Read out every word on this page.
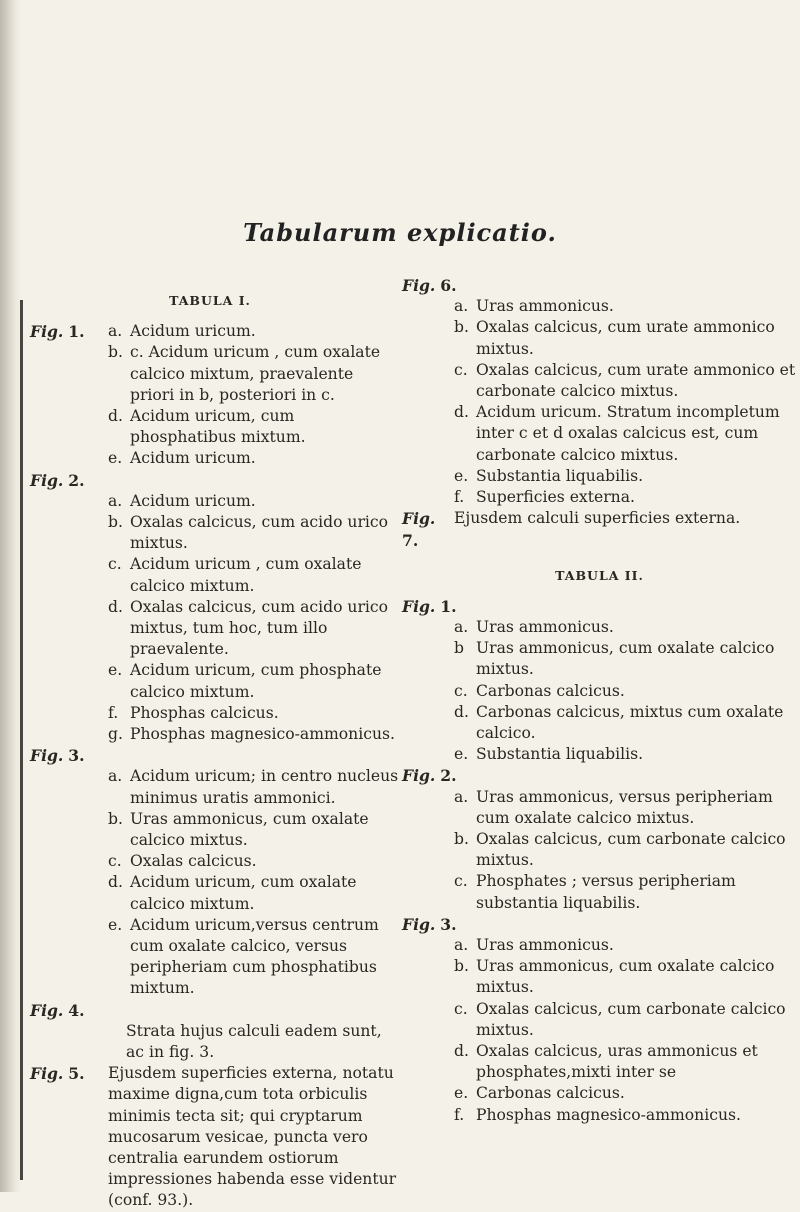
Tabularum explicatio.
TABULA I.
Fig. 1.	a. Acidum uricum.
b. c. Acidum uricum , cum oxalate calcico mixtum, praevalente priori in b, posteriori in c.
d. Acidum uricum, cum phosphatibus mixtum.
e. Acidum uricum.
Fig. 2.
a. Acidum uricum.
b. Oxalas calcicus, cum acido urico mixtus.
c. Acidum uricum , cum oxalate calcico mixtum.
d. Oxalas calcicus, cum acido urico mixtus, tum hoc, tum illo praevalente.
e. Acidum uricum, cum phosphate calcico mixtum.
f. Phosphas calcicus.
g. Phosphas magnesico-ammonicus.
Fig. 3.
a. Acidum uricum; in centro nucleus minimus uratis ammonici.
b. Uras ammonicus, cum oxalate calcico mixtus.
c. Oxalas calcicus.
d. Acidum uricum, cum oxalate calcico mixtum.
e. Acidum uricum,versus centrum cum oxalate calcico, versus peripheriam cum phosphatibus mixtum.
Fig. 4.
Strata hujus calculi eadem sunt, ac in fig. 3.
Fig. 5.	Ejusdem superficies externa, notatu maxime digna,cum tota orbiculis minimis tecta sit; qui cryptarum mucosarum vesicae, puncta vero centralia earundem ostiorum impressiones habenda esse videntur (conf. 93.).
Fig. 6.
a. Uras ammonicus.
b. Oxalas calcicus, cum urate ammonico mixtus.
c. Oxalas calcicus, cum urate ammonico et carbonate calcico mixtus.
d. Acidum uricum. Stratum incompletum inter c et d oxalas calcicus est, cum carbonate calcico mixtus.
e. Substantia liquabilis.
f. Superficies externa.
Fig. 7.
Ejusdem calculi superficies externa.
TABULA II.
Fig. 1.
a. Uras ammonicus.
b Uras ammonicus, cum oxalate calcico mixtus.
c. Carbonas calcicus.
d. Carbonas calcicus, mixtus cum oxalate calcico.
e. Substantia liquabilis.
Fig. 2.
a. Uras ammonicus, versus peripheriam cum oxalate calcico mixtus.
b. Oxalas calcicus, cum carbonate calcico mixtus.
c. Phosphates ; versus peripheriam substantia liquabilis.
Fig. 3.
a. Uras ammonicus.
b. Uras ammonicus, cum oxalate calcico mixtus.
c. Oxalas calcicus, cum carbonate calcico mixtus.
d. Oxalas calcicus, uras ammonicus et phosphates,mixti inter se
e. Carbonas calcicus.
f. Phosphas magnesico-ammonicus.
